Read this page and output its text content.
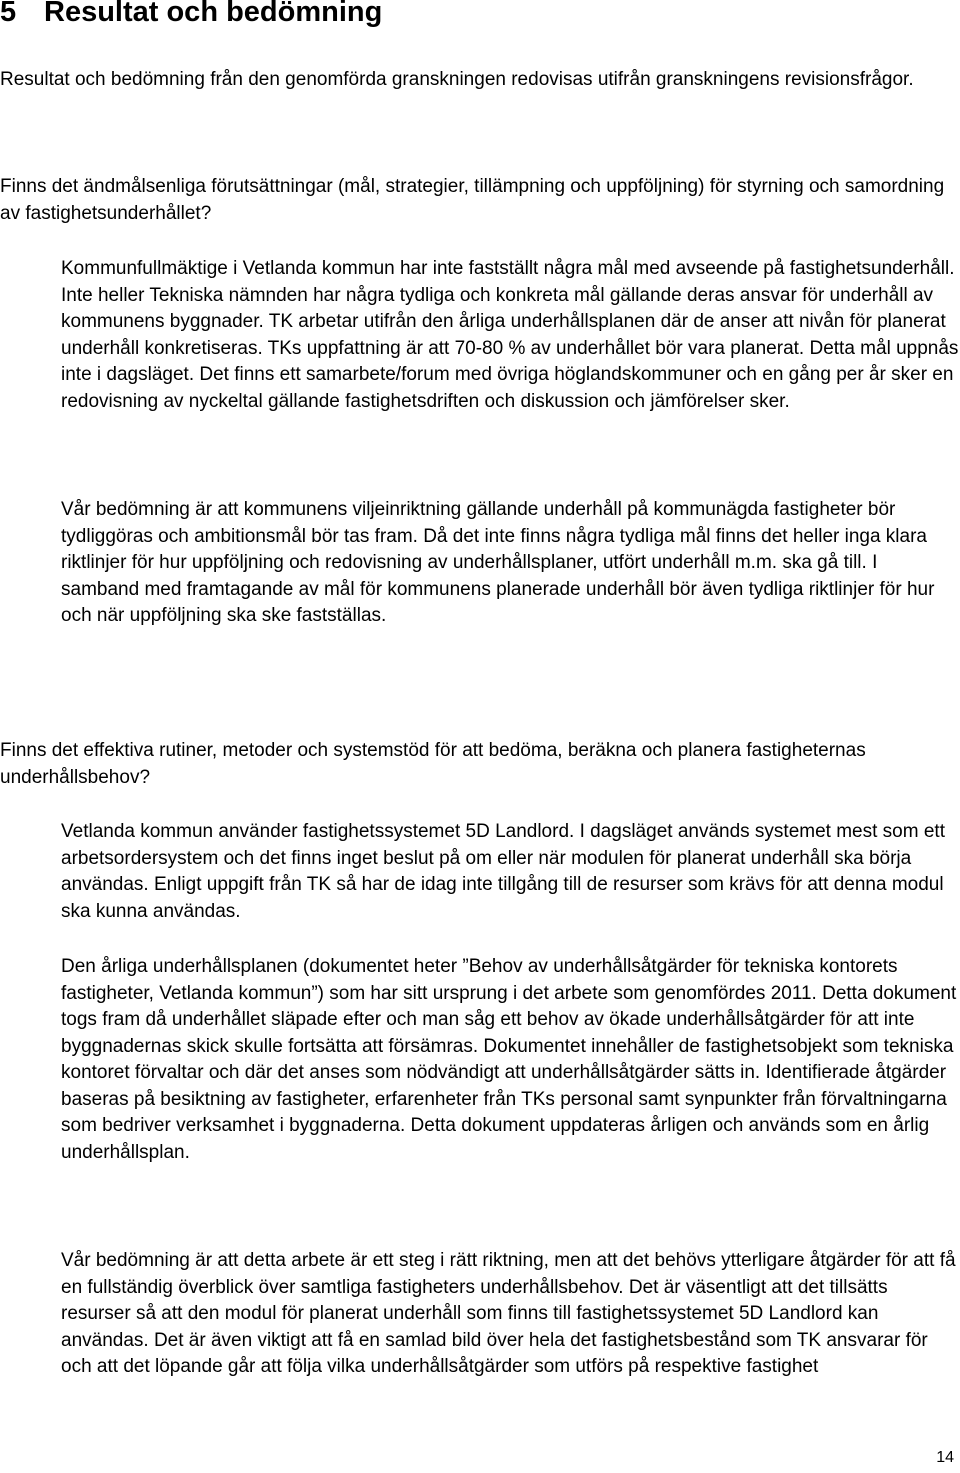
5 Resultat och bedömning

Resultat och bedömning från den genomförda granskningen redovisas utifrån granskningens revisionsfrågor.

Finns det ändmålsenliga förutsättningar (mål, strategier, tillämpning och uppföljning) för styrning och samordning av fastighetsunderhållet?

Kommunfullmäktige i Vetlanda kommun har inte fastställt några mål med avseende på fastighetsunderhåll. Inte heller Tekniska nämnden har några tydliga och konkreta mål gällande deras ansvar för underhåll av kommunens byggnader. TK arbetar utifrån den årliga underhållsplanen där de anser att nivån för planerat underhåll konkretiseras. TKs uppfattning är att 70-80 % av underhållet bör vara planerat. Detta mål uppnås inte i dagsläget. Det finns ett samarbete/forum med övriga höglandskommuner och en gång per år sker en redovisning av nyckeltal gällande fastighetsdriften och diskussion och jämförelser sker.

Vår bedömning är att kommunens viljeinriktning gällande underhåll på kommunägda fastigheter bör tydliggöras och ambitionsmål bör tas fram. Då det inte finns några tydliga mål finns det heller inga klara riktlinjer för hur uppföljning och redovisning av underhållsplaner, utfört underhåll m.m. ska gå till. I samband med framtagande av mål för kommunens planerade underhåll bör även tydliga riktlinjer för hur och när uppföljning ska ske fastställas.

Finns det effektiva rutiner, metoder och systemstöd för att bedöma, beräkna och planera fastigheternas underhållsbehov?

Vetlanda kommun använder fastighetssystemet 5D Landlord. I dagsläget används systemet mest som ett arbetsordersystem och det finns inget beslut på om eller när modulen för planerat underhåll ska börja användas. Enligt uppgift från TK så har de idag inte tillgång till de resurser som krävs för att denna modul ska kunna användas.

Den årliga underhållsplanen (dokumentet heter ”Behov av underhållsåtgärder för tekniska kontorets fastigheter, Vetlanda kommun”) som har sitt ursprung i det arbete som genomfördes 2011. Detta dokument togs fram då underhållet släpade efter och man såg ett behov av ökade underhållsåtgärder för att inte byggnadernas skick skulle fortsätta att försämras. Dokumentet innehåller de fastighetsobjekt som tekniska kontoret förvaltar och där det anses som nödvändigt att underhållsåtgärder sätts in. Identifierade åtgärder baseras på besiktning av fastigheter, erfarenheter från TKs personal samt synpunkter från förvaltningarna som bedriver verksamhet i byggnaderna. Detta dokument uppdateras årligen och används som en årlig underhållsplan.

Vår bedömning är att detta arbete är ett steg i rätt riktning, men att det behövs ytterligare åtgärder för att få en fullständig överblick över samtliga fastigheters underhållsbehov. Det är väsentligt att det tillsätts resurser så att den modul för planerat underhåll som finns till fastighetssystemet 5D Landlord kan användas. Det är även viktigt att få en samlad bild över hela det fastighetsbestånd som TK ansvarar för och att det löpande går att följa vilka underhållsåtgärder som utförs på respektive fastighet

14
